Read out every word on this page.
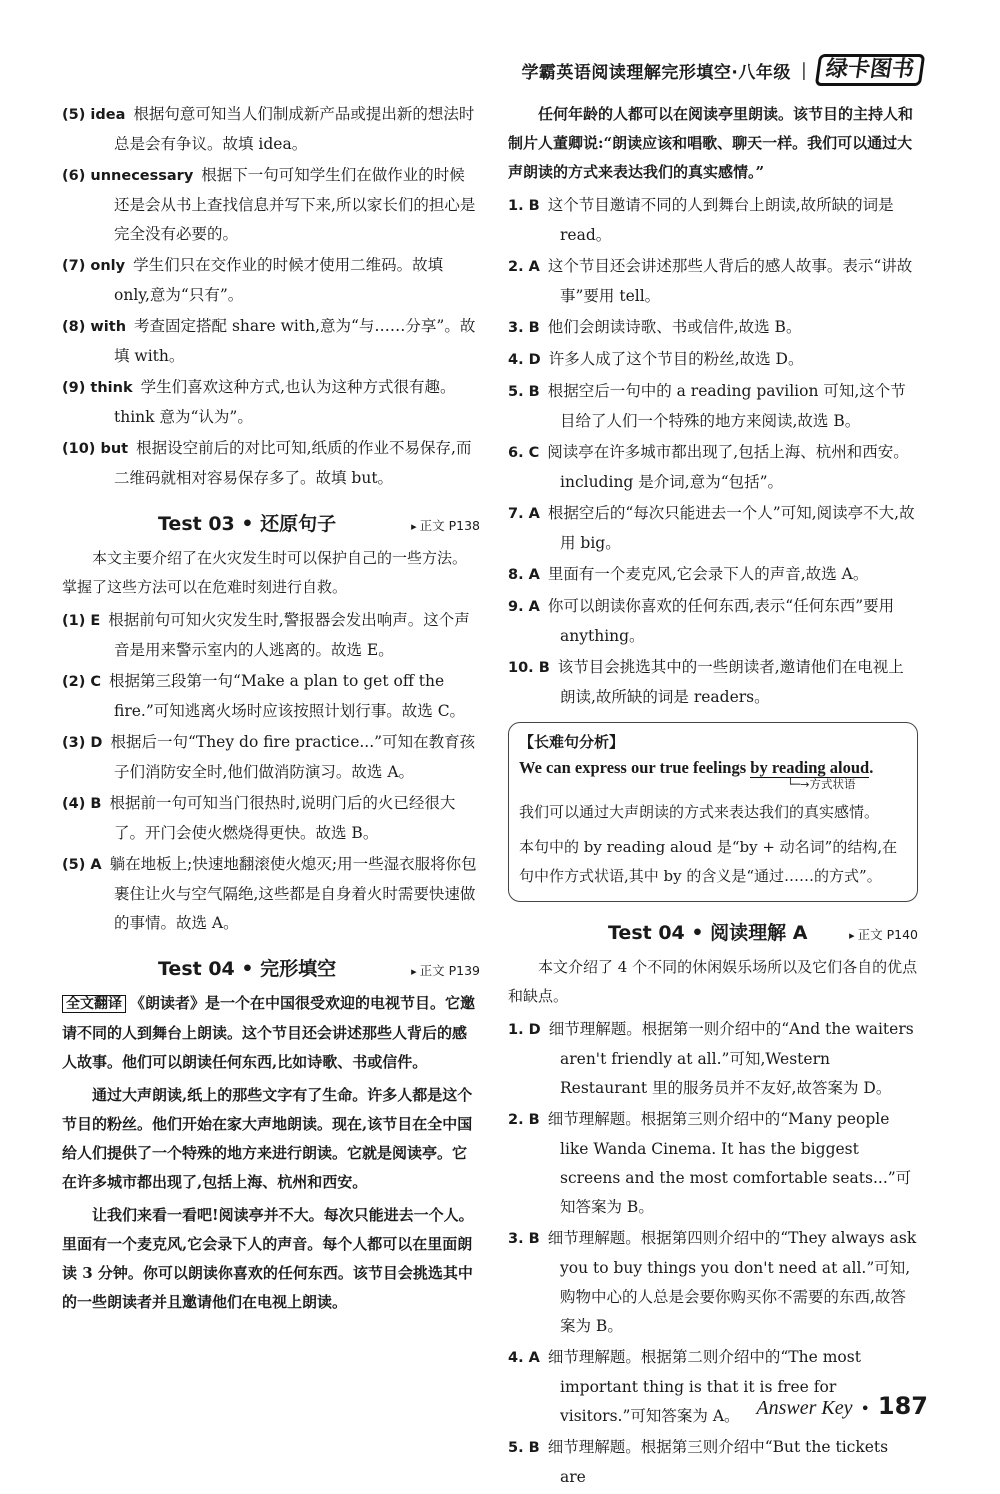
学霸英语阅读理解完形填空·八年级 | 绿卡图书
(5) idea 根据句意可知当人们制成新产品或提出新的想法时总是会有争议。故填 idea。
(6) unnecessary 根据下一句可知学生们在做作业的时候还是会从书上查找信息并写下来,所以家长们的担心是完全没有必要的。
(7) only 学生们只在交作业的时候才使用二维码。故填 only,意为“只有”。
(8) with 考查固定搭配 share with,意为“与……分享”。故填 with。
(9) think 学生们喜欢这种方式,也认为这种方式很有趣。think 意为“认为”。
(10) but 根据设空前后的对比可知,纸质的作业不易保存,而二维码就相对容易保存多了。故填 but。
Test 03 • 还原句子	▸ 正文 P138
本文主要介绍了在火灾发生时可以保护自己的一些方法。掌握了这些方法可以在危难时刻进行自救。
(1) E 根据前句可知火灾发生时,警报器会发出响声。这个声音是用来警示室内的人逃离的。故选 E。
(2) C 根据第三段第一句“Make a plan to get off the fire.”可知逃离火场时应该按照计划行事。故选 C。
(3) D 根据后一句“They do fire practice...”可知在教育孩子们消防安全时,他们做消防演习。故选 A。
(4) B 根据前一句可知当门很热时,说明门后的火已经很大了。开门会使火燃烧得更快。故选 B。
(5) A 躺在地板上;快速地翻滚使火熄灭;用一些湿衣服将你包裹住让火与空气隔绝,这些都是自身着火时需要快速做的事情。故选 A。
Test 04 • 完形填空	▸ 正文 P139

全文翻译 《朗读者》是一个在中国很受欢迎的电视节目。它邀请不同的人到舞台上朗读。这个节目还会讲述那些人背后的感人故事。他们可以朗读任何东西,比如诗歌、书或信件。

通过大声朗读,纸上的那些文字有了生命。许多人都是这个节目的粉丝。他们开始在家大声地朗读。现在,该节目在全中国给人们提供了一个特殊的地方来进行朗读。它就是阅读亭。它在许多城市都出现了,包括上海、杭州和西安。

让我们来看一看吧!阅读亭并不大。每次只能进去一个人。里面有一个麦克风,它会录下人的声音。每个人都可以在里面朗读 3 分钟。你可以朗读你喜欢的任何东西。该节目会挑选其中的一些朗读者并且邀请他们在电视上朗读。

任何年龄的人都可以在阅读亭里朗读。该节目的主持人和制片人董卿说:“朗读应该和唱歌、聊天一样。我们可以通过大声朗读的方式来表达我们的真实感情。”

1. B 这个节目邀请不同的人到舞台上朗读,故所缺的词是 read。
2. A 这个节目还会讲述那些人背后的感人故事。表示“讲故事”要用 tell。
3. B 他们会朗读诗歌、书或信件,故选 B。
4. D 许多人成了这个节目的粉丝,故选 D。
5. B 根据空后一句中的 a reading pavilion 可知,这个节目给了人们一个特殊的地方来阅读,故选 B。
6. C 阅读亭在许多城市都出现了,包括上海、杭州和西安。including 是介词,意为“包括”。
7. A 根据空后的“每次只能进去一个人”可知,阅读亭不大,故用 big。
8. A 里面有一个麦克风,它会录下人的声音,故选 A。
9. A 你可以朗读你喜欢的任何东西,表示“任何东西”要用 anything。
10. B 该节目会挑选其中的一些朗读者,邀请他们在电视上朗读,故所缺的词是 readers。
【长难句分析】
We can express our true feelings by reading aloud.
└─→ 方式状语
我们可以通过大声朗读的方式来表达我们的真实感情。
本句中的 by reading aloud 是“by + 动名词”的结构,在句中作方式状语,其中 by 的含义是“通过……的方式”。
Test 04 • 阅读理解 A	▸ 正文 P140
本文介绍了 4 个不同的休闲娱乐场所以及它们各自的优点和缺点。
1. D 细节理解题。根据第一则介绍中的“And the waiters aren't friendly at all.”可知,Western Restaurant 里的服务员并不友好,故答案为 D。
2. B 细节理解题。根据第三则介绍中的“Many people like Wanda Cinema. It has the biggest screens and the most comfortable seats...”可知答案为 B。
3. B 细节理解题。根据第四则介绍中的“They always ask you to buy things you don't need at all.”可知,购物中心的人总是会要你购买你不需要的东西,故答案为 B。
4. A 细节理解题。根据第二则介绍中的“The most important thing is that it is free for visitors.”可知答案为 A。
5. B 细节理解题。根据第三则介绍中“But the tickets are
Answer Key • 187
